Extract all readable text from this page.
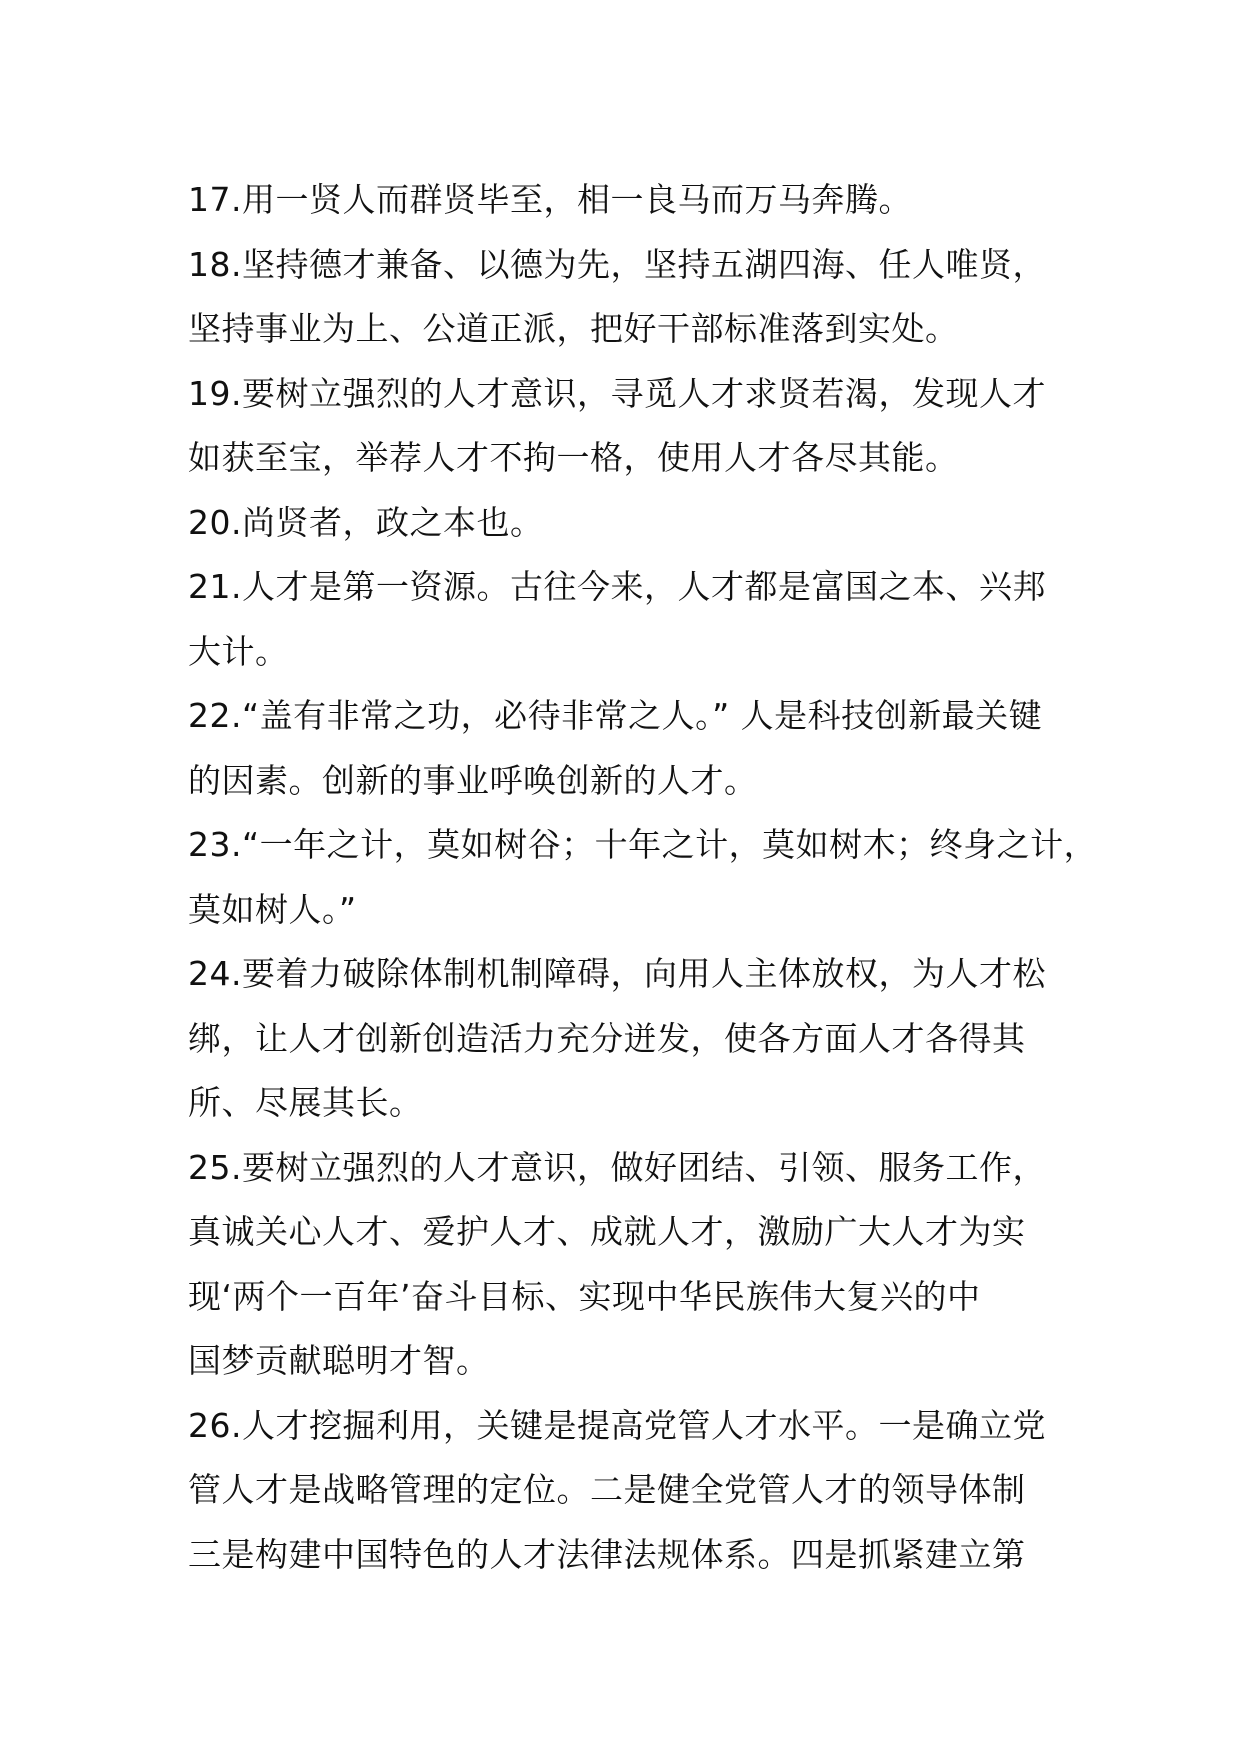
17.用一贤人而群贤毕至，相一良马而万马奔腾。
18.坚持德才兼备、以德为先，坚持五湖四海、任人唯贤，
坚持事业为上、公道正派，把好干部标准落到实处。
19.要树立强烈的人才意识，寻觅人才求贤若渴，发现人才
如获至宝，举荐人才不拘一格，使用人才各尽其能。
20.尚贤者，政之本也。
21.人才是第一资源。古往今来，人才都是富国之本、兴邦
大计。
22.“盖有非常之功，必待非常之人。” 人是科技创新最关键
的因素。创新的事业呼唤创新的人才。
23.“一年之计，莫如树谷；十年之计，莫如树木；终身之计，
莫如树人。”
24.要着力破除体制机制障碍，向用人主体放权，为人才松
绑，让人才创新创造活力充分迸发，使各方面人才各得其
所、尽展其长。
25.要树立强烈的人才意识，做好团结、引领、服务工作，
真诚关心人才、爱护人才、成就人才，激励广大人才为实
现‘两个一百年’奋斗目标、实现中华民族伟大复兴的中
国梦贡献聪明才智。
26.人才挖掘利用，关键是提高党管人才水平。一是确立党
管人才是战略管理的定位。二是健全党管人才的领导体制
三是构建中国特色的人才法律法规体系。四是抓紧建立第
